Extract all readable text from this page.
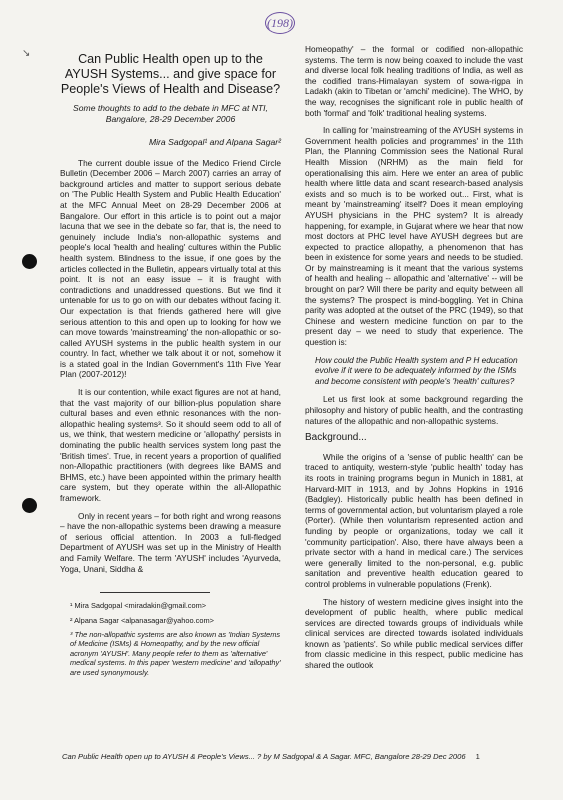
(198)
↘	Can Public Health open up to the AYUSH Systems... and give space for People's Views of Health and Disease?
Some thoughts to add to the debate in MFC at NTI, Bangalore, 28-29 December 2006
Mira Sadgopal¹ and Alpana Sagar²

The current double issue of the Medico Friend Circle Bulletin (December 2006 – March 2007) carries an array of background articles and matter to support serious debate on 'The Public Health System and Public Health Education' at the MFC Annual Meet on 28-29 December 2006 at Bangalore. Our effort in this article is to point out a major lacuna that we see in the debate so far, that is, the need to genuinely include India's non-allopathic systems and people's local 'health and healing' cultures within the Public health system. Blindness to the issue, if one goes by the articles collected in the Bulletin, appears virtually total at this point. It is not an easy issue – it is fraught with contradictions and unaddressed questions. But we find it untenable for us to go on with our debates without facing it. Our expectation is that friends gathered here will give serious attention to this and open up to looking for how we can move towards 'mainstreaming' the non-allopathic or so-called AYUSH systems in the public health system in our country. In fact, whether we talk about it or not, somehow it is a stated goal in the Indian Government's 11th Five Year Plan (2007-2012)!

It is our contention, while exact figures are not at hand, that the vast majority of our billion-plus population share cultural bases and even ethnic resonances with the non-allopathic healing systems³. So it should seem odd to all of us, we think, that western medicine or 'allopathy' persists in dominating the public health services system long past the 'British times'. True, in recent years a proportion of qualified non-Allopathic practitioners (with degrees like BAMS and BHMS, etc.) have been appointed within the primary health care system, but they operate within the all-Allopathic framework.

Only in recent years – for both right and wrong reasons – have the non-allopathic systems been drawing a measure of serious official attention. In 2003 a full-fledged Department of AYUSH was set up in the Ministry of Health and Family Welfare. The term 'AYUSH' includes 'Ayurveda, Yoga, Unani, Siddha &

¹ Mira Sadgopal <miradakin@gmail.com>

² Alpana Sagar <alpanasagar@yahoo.com>

³ The non-allopathic systems are also known as 'Indian Systems of Medicine (ISMs) & Homeopathy, and by the new official acronym 'AYUSH'. Many people refer to them as 'alternative' medical systems. In this paper 'western medicine' and 'allopathy' are used synonymously.

Homeopathy' – the formal or codified non-allopathic systems. The term is now being coaxed to include the vast and diverse local folk healing traditions of India, as well as the codified trans-Himalayan system of sowa-rigpa in Ladakh (akin to Tibetan or 'amchi' medicine). The WHO, by the way, recognises the significant role in public health of both 'formal' and 'folk' traditional healing systems.

In calling for 'mainstreaming of the AYUSH systems in Government health policies and programmes' in the 11th Plan, the Planning Commission sees the National Rural Health Mission (NRHM) as the main field for operationalising this aim. Here we enter an area of public health where little data and scant research-based analysis exists and so much is to be worked out... First, what is meant by 'mainstreaming' itself? Does it mean employing AYUSH physicians in the PHC system? It is already happening, for example, in Gujarat where we hear that now most doctors at PHC level have AYUSH degrees but are expected to practice allopathy, a phenomenon that has been in existence for some years and needs to be studied. Or by mainstreaming is it meant that the various systems of health and healing -- allopathic and 'alternative' -- will be brought on par? Will there be parity and equity between all the systems? The prospect is mind-boggling. Yet in China parity was adopted at the outset of the PRC (1949), so that Chinese and western medicine function on par to the present day – we need to study that experience. The question is:

How could the Public Health system and P H education evolve if it were to be adequately informed by the ISMs and become consistent with people's 'health' cultures?

Let us first look at some background regarding the philosophy and history of public health, and the contrasting natures of the allopathic and non-allopathic systems.

Background...

While the origins of a 'sense of public health' can be traced to antiquity, western-style 'public health' today has its roots in training programs begun in Munich in 1881, at Harvard-MIT in 1913, and by Johns Hopkins in 1916 (Badgley). Historically public health has been defined in terms of governmental action, but voluntarism played a role (Porter). (While then voluntarism represented action and funding by people or organizations, today we call it 'community participation'. Also, there have always been a private sector with a hand in medical care.) The services were generally limited to the non-personal, e.g. public sanitation and preventive health education geared to control problems in vulnerable populations (Frenk).

The history of western medicine gives insight into the development of public health, where public medical services are directed towards groups of individuals while clinical services are directed towards isolated individuals known as 'patients'. So while public medical services differ from classic medicine in this respect, public medicine has shared the outlook

Can Public Health open up to AYUSH & People's Views... ? by M Sadgopal & A Sagar. MFC, Bangalore 28-29 Dec 2006 1
